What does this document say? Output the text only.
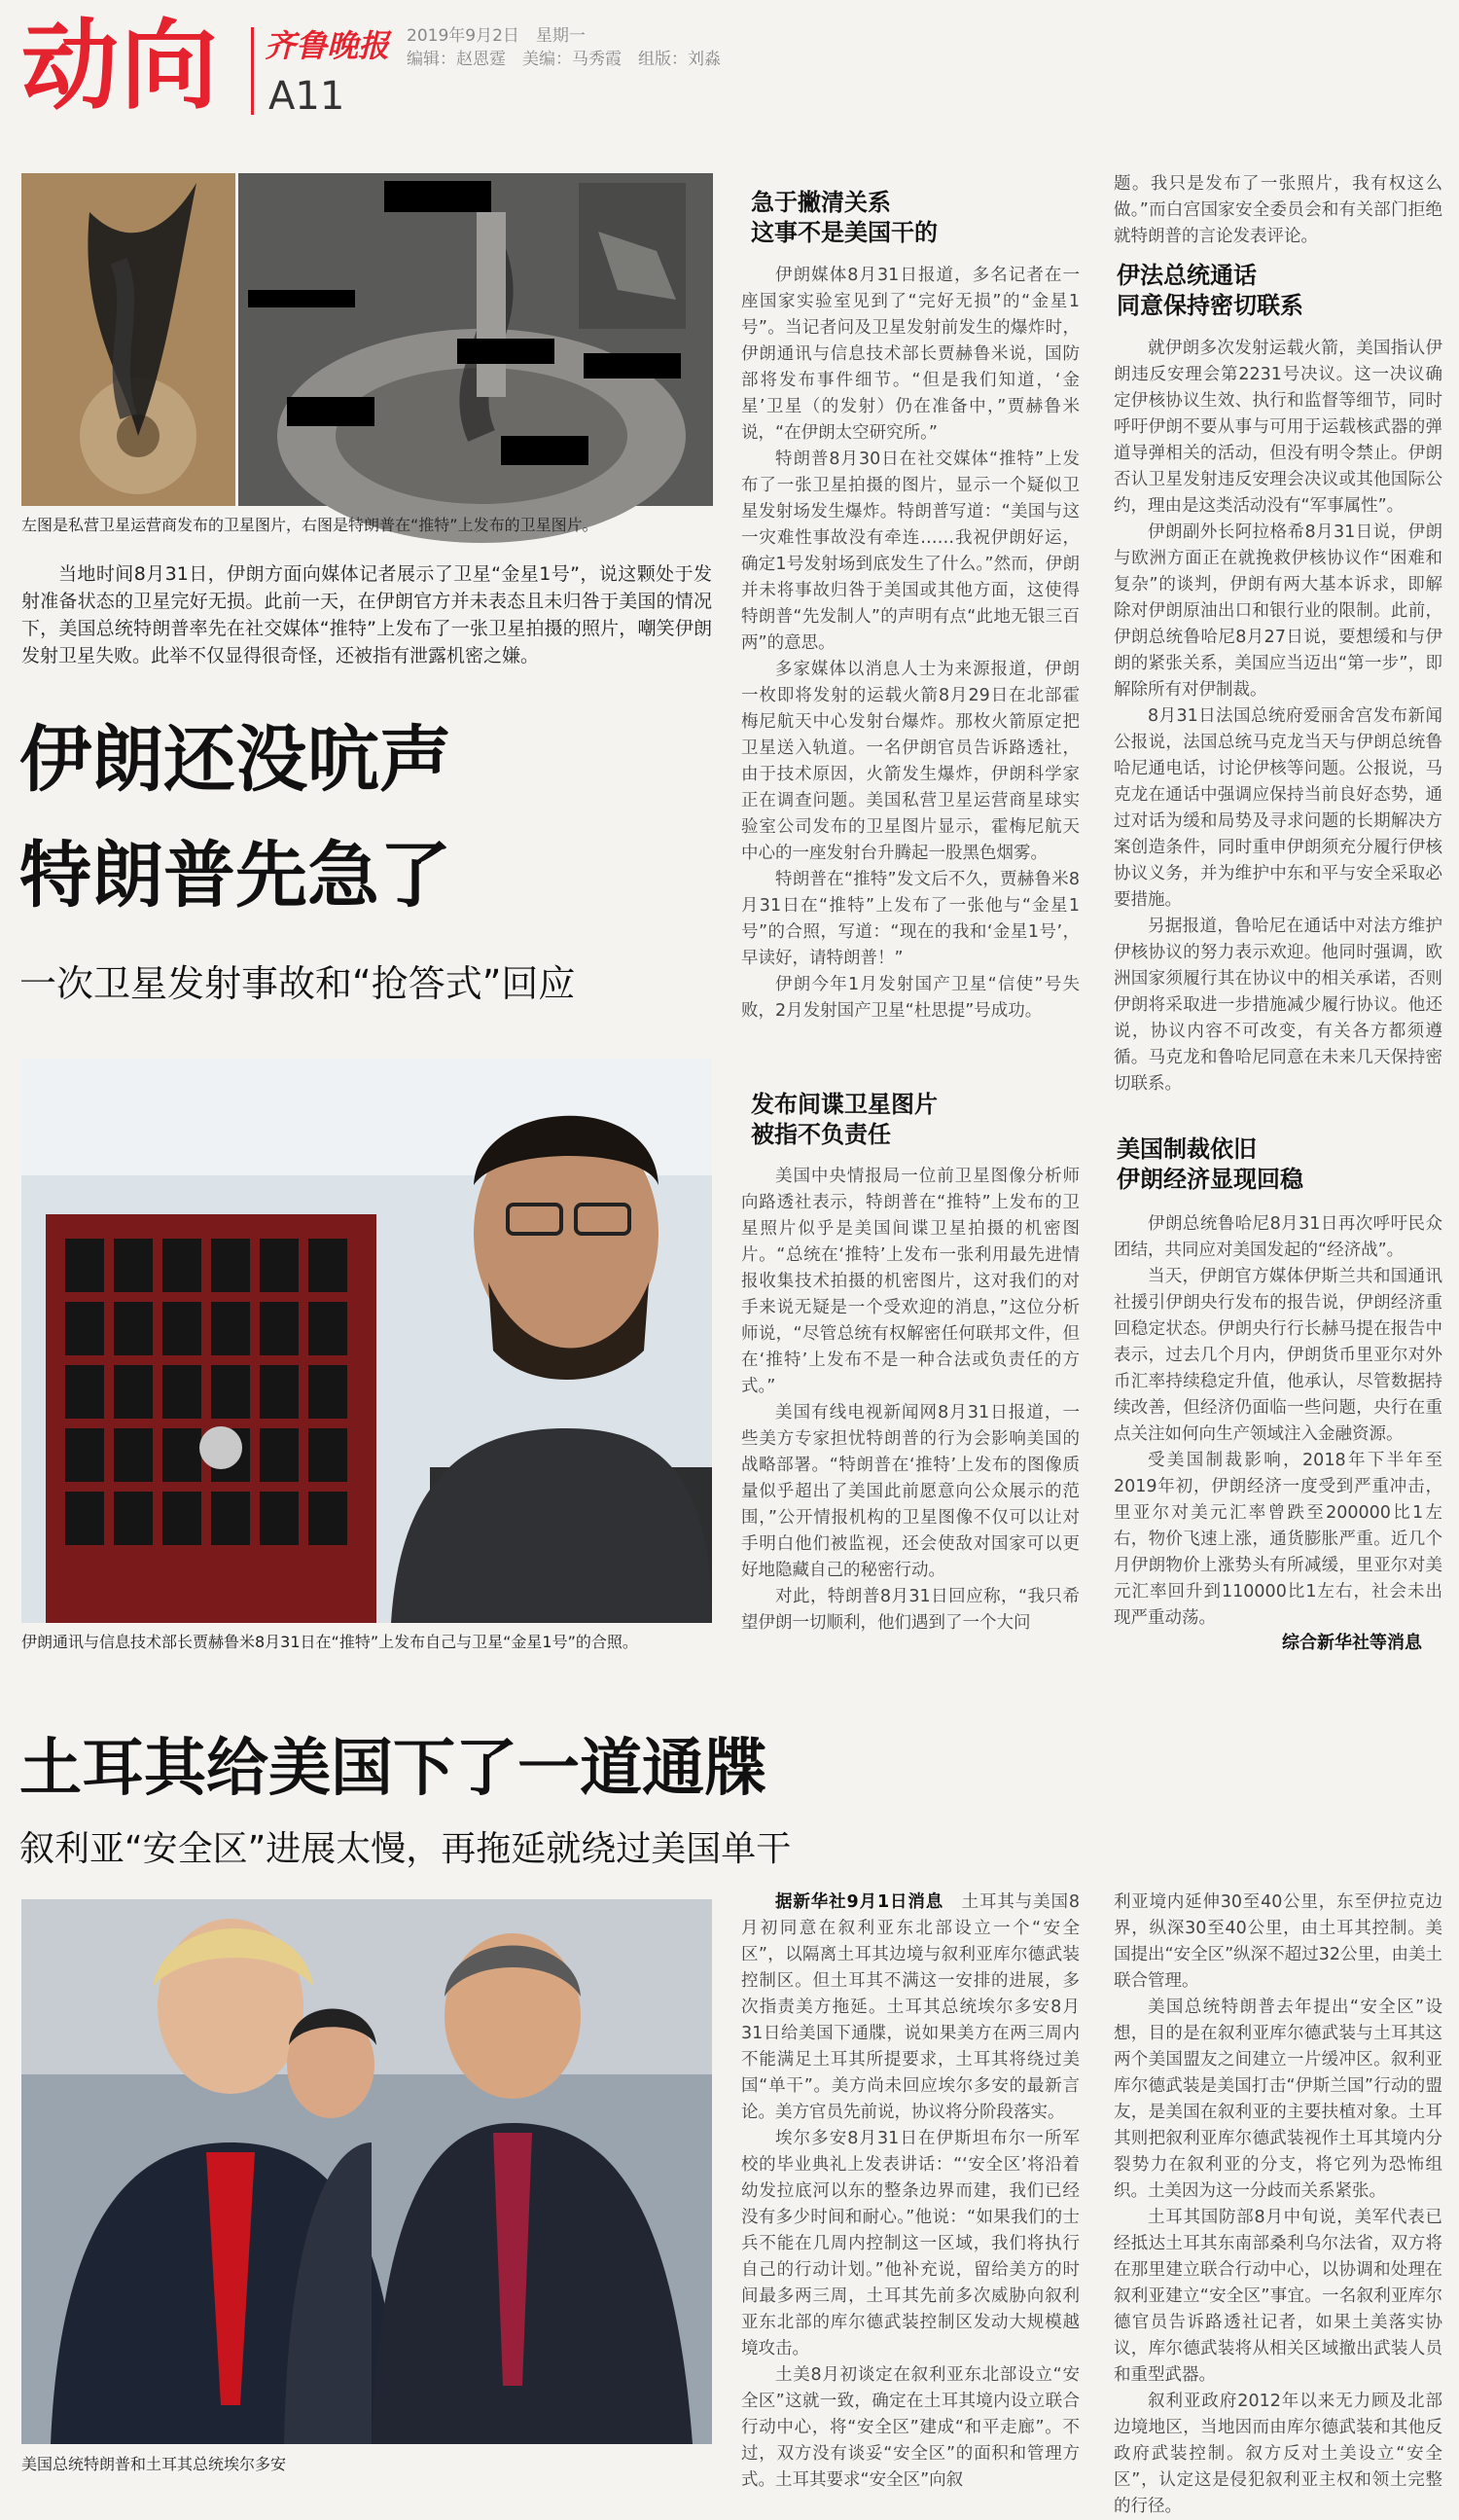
动向 齐鲁晚报
A11
2019年9月2日　星期一
编辑：赵恩霆　美编：马秀霞　组版：刘淼
左图是私营卫星运营商发布的卫星图片，右图是特朗普在“推特”上发布的卫星图片。
当地时间8月31日，伊朗方面向媒体记者展示了卫星“金星1号”，说这颗处于发射准备状态的卫星完好无损。此前一天，在伊朗官方并未表态且未归咎于美国的情况下，美国总统特朗普率先在社交媒体“推特”上发布了一张卫星拍摄的照片，嘲笑伊朗发射卫星失败。此举不仅显得很奇怪，还被指有泄露机密之嫌。
伊朗还没吭声
特朗普先急了
一次卫星发射事故和“抢答式”回应
伊朗通讯与信息技术部长贾赫鲁米8月31日在“推特”上发布自己与卫星“金星1号”的合照。
急于撇清关系
这事不是美国干的

伊朗媒体8月31日报道，多名记者在一座国家实验室见到了“完好无损”的“金星1号”。当记者问及卫星发射前发生的爆炸时，伊朗通讯与信息技术部长贾赫鲁米说，国防部将发布事件细节。“但是我们知道，‘金星’卫星（的发射）仍在准备中，”贾赫鲁米说，“在伊朗太空研究所。”

特朗普8月30日在社交媒体“推特”上发布了一张卫星拍摄的图片，显示一个疑似卫星发射场发生爆炸。特朗普写道：“美国与这一灾难性事故没有牵连……我祝伊朗好运，确定1号发射场到底发生了什么。”然而，伊朗并未将事故归咎于美国或其他方面，这使得特朗普“先发制人”的声明有点“此地无银三百两”的意思。

多家媒体以消息人士为来源报道，伊朗一枚即将发射的运载火箭8月29日在北部霍梅尼航天中心发射台爆炸。那枚火箭原定把卫星送入轨道。一名伊朗官员告诉路透社，由于技术原因，火箭发生爆炸，伊朗科学家正在调查问题。美国私营卫星运营商星球实验室公司发布的卫星图片显示，霍梅尼航天中心的一座发射台升腾起一股黑色烟雾。

特朗普在“推特”发文后不久，贾赫鲁米8月31日在“推特”上发布了一张他与“金星1号”的合照，写道：“现在的我和‘金星1号’，早读好，请特朗普！”

伊朗今年1月发射国产卫星“信使”号失败，2月发射国产卫星“杜思提”号成功。

发布间谍卫星图片
被指不负责任

美国中央情报局一位前卫星图像分析师向路透社表示，特朗普在“推特”上发布的卫星照片似乎是美国间谍卫星拍摄的机密图片。“总统在‘推特’上发布一张利用最先进情报收集技术拍摄的机密图片，这对我们的对手来说无疑是一个受欢迎的消息，”这位分析师说，“尽管总统有权解密任何联邦文件，但在‘推特’上发布不是一种合法或负责任的方式。”

美国有线电视新闻网8月31日报道，一些美方专家担忧特朗普的行为会影响美国的战略部署。“特朗普在‘推特’上发布的图像质量似乎超出了美国此前愿意向公众展示的范围，”公开情报机构的卫星图像不仅可以让对手明白他们被监视，还会使敌对国家可以更好地隐藏自己的秘密行动。

对此，特朗普8月31日回应称，“我只希望伊朗一切顺利，他们遇到了一个大问

题。我只是发布了一张照片，我有权这么做。”而白宫国家安全委员会和有关部门拒绝就特朗普的言论发表评论。
伊法总统通话
同意保持密切联系

就伊朗多次发射运载火箭，美国指认伊朗违反安理会第2231号决议。这一决议确定伊核协议生效、执行和监督等细节，同时呼吁伊朗不要从事与可用于运载核武器的弹道导弹相关的活动，但没有明令禁止。伊朗否认卫星发射违反安理会决议或其他国际公约，理由是这类活动没有“军事属性”。

伊朗副外长阿拉格希8月31日说，伊朗与欧洲方面正在就挽救伊核协议作“困难和复杂”的谈判，伊朗有两大基本诉求，即解除对伊朗原油出口和银行业的限制。此前，伊朗总统鲁哈尼8月27日说，要想缓和与伊朗的紧张关系，美国应当迈出“第一步”，即解除所有对伊制裁。

8月31日法国总统府爱丽舍宫发布新闻公报说，法国总统马克龙当天与伊朗总统鲁哈尼通电话，讨论伊核等问题。公报说，马克龙在通话中强调应保持当前良好态势，通过对话为缓和局势及寻求问题的长期解决方案创造条件，同时重申伊朗须充分履行伊核协议义务，并为维护中东和平与安全采取必要措施。

另据报道，鲁哈尼在通话中对法方维护伊核协议的努力表示欢迎。他同时强调，欧洲国家须履行其在协议中的相关承诺，否则伊朗将采取进一步措施减少履行协议。他还说，协议内容不可改变，有关各方都须遵循。马克龙和鲁哈尼同意在未来几天保持密切联系。

美国制裁依旧
伊朗经济显现回稳

伊朗总统鲁哈尼8月31日再次呼吁民众团结，共同应对美国发起的“经济战”。

当天，伊朗官方媒体伊斯兰共和国通讯社援引伊朗央行发布的报告说，伊朗经济重回稳定状态。伊朗央行行长赫马提在报告中表示，过去几个月内，伊朗货币里亚尔对外币汇率持续稳定升值，他承认，尽管数据持续改善，但经济仍面临一些问题，央行在重点关注如何向生产领域注入金融资源。

受美国制裁影响，2018年下半年至2019年初，伊朗经济一度受到严重冲击，里亚尔对美元汇率曾跌至200000比1左右，物价飞速上涨，通货膨胀严重。近几个月伊朗物价上涨势头有所减缓，里亚尔对美元汇率回升到110000比1左右，社会未出现严重动荡。

综合新华社等消息
土耳其给美国下了一道通牒
叙利亚“安全区”进展太慢，再拖延就绕过美国单干
美国总统特朗普和土耳其总统埃尔多安

据新华社9月1日消息　 土耳其与美国8月初同意在叙利亚东北部设立一个“安全区”，以隔离土耳其边境与叙利亚库尔德武装控制区。但土耳其不满这一安排的进展，多次指责美方拖延。土耳其总统埃尔多安8月31日给美国下通牒，说如果美方在两三周内不能满足土耳其所提要求，土耳其将绕过美国“单干”。美方尚未回应埃尔多安的最新言论。美方官员先前说，协议将分阶段落实。

埃尔多安8月31日在伊斯坦布尔一所军校的毕业典礼上发表讲话：“‘安全区’将沿着幼发拉底河以东的整条边界而建，我们已经没有多少时间和耐心。”他说：“如果我们的士兵不能在几周内控制这一区域，我们将执行自己的行动计划。”他补充说，留给美方的时间最多两三周，土耳其先前多次威胁向叙利亚东北部的库尔德武装控制区发动大规模越境攻击。

土美8月初谈定在叙利亚东北部设立“安全区”这就一致，确定在土耳其境内设立联合行动中心，将“安全区”建成“和平走廊”。不过，双方没有谈妥“安全区”的面积和管理方式。土耳其要求“安全区”向叙

利亚境内延伸30至40公里，东至伊拉克边界，纵深30至40公里，由土耳其控制。美国提出“安全区”纵深不超过32公里，由美土联合管理。

美国总统特朗普去年提出“安全区”设想，目的是在叙利亚库尔德武装与土耳其这两个美国盟友之间建立一片缓冲区。叙利亚库尔德武装是美国打击“伊斯兰国”行动的盟友，是美国在叙利亚的主要扶植对象。土耳其则把叙利亚库尔德武装视作土耳其境内分裂势力在叙利亚的分支，将它列为恐怖组织。土美因为这一分歧而关系紧张。

土耳其国防部8月中旬说，美军代表已经抵达土耳其东南部桑利乌尔法省，双方将在那里建立联合行动中心，以协调和处理在叙利亚建立“安全区”事宜。一名叙利亚库尔德官员告诉路透社记者，如果土美落实协议，库尔德武装将从相关区域撤出武装人员和重型武器。

叙利亚政府2012年以来无力顾及北部边境地区，当地因而由库尔德武装和其他反政府武装控制。叙方反对土美设立“安全区”，认定这是侵犯叙利亚主权和领土完整的行径。
